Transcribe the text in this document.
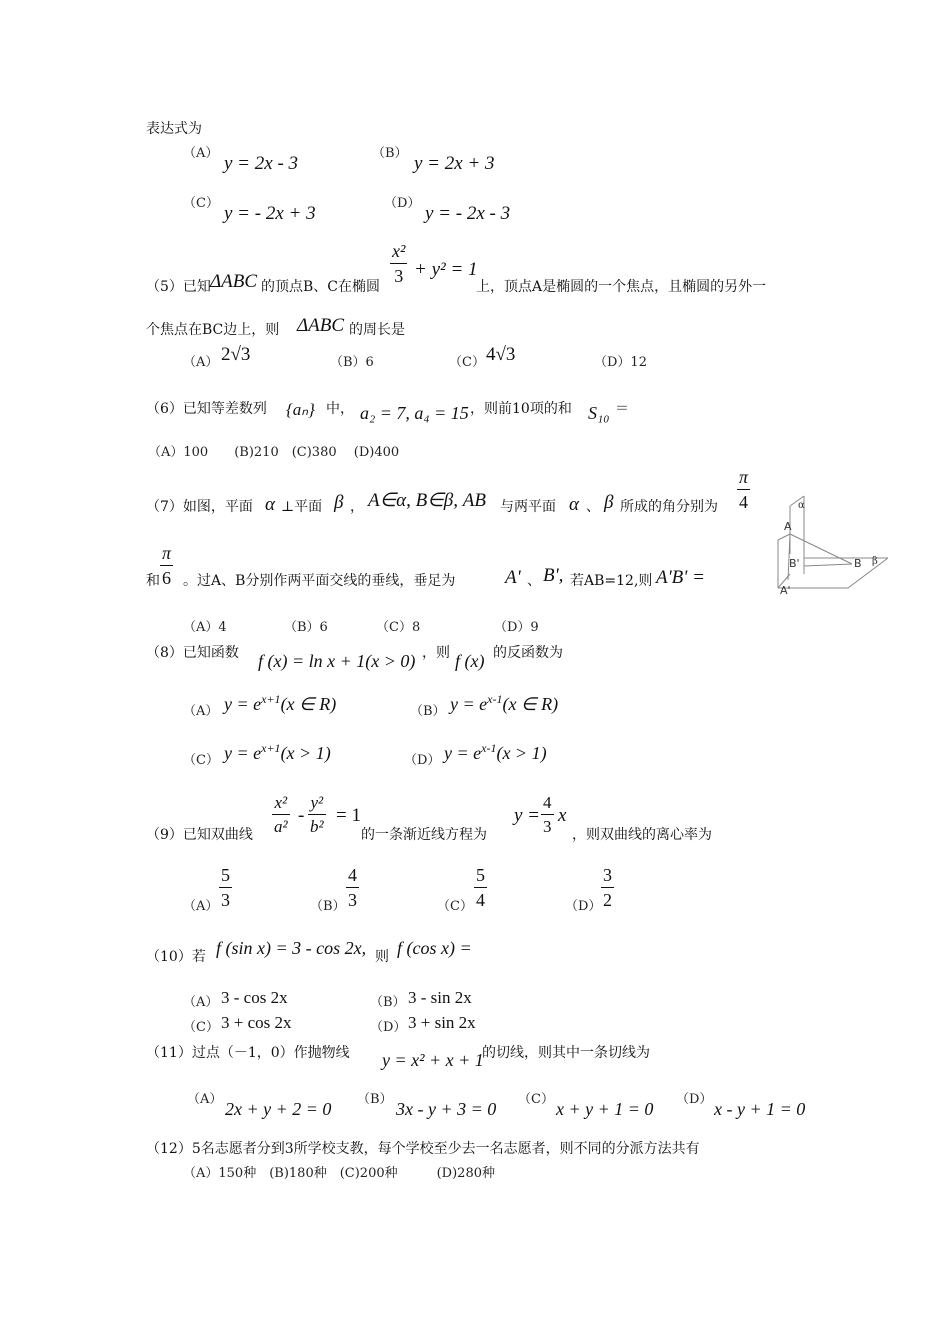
表达式为
（A） y = 2x - 3	（B） y = 2x + 3
（C） y = - 2x + 3	（D） y = - 2x - 3
（5）已知 ΔABC 的顶点B、C在椭圆
$\frac{\text{x²}}{3} + y^2 = 1$
上，顶点A是椭圆的一个焦点，且椭圆的另外一
个焦点在BC边上，则 ΔABC 的周长是
（A） 2√3	（B）6	（C） 4√3	（D）12
（6）已知等差数列 {aₙ} 中， a₂ = 7, a₄ = 15 ，则前10项的和 S₁₀ ＝
（A）100　　(B)210　(C)380　 (D)400
（7）如图，平面 α ⊥平面 β ， A∈α, B∈β, AB 与两平面 α 、 β 所成的角分别为 $\frac{\pi}{4}$
和 $\frac{\pi}{6}$ 。过A、B分别作两平面交线的垂线，垂足为	A' 、 B', 若AB=12,则 A'B' =
α
A
B'	B β
A'
（A）4	（B）6	（C）8	（D）9
（8）已知函数 f (x) = ln x + 1(x > 0) ，则 f (x) 的反函数为
（A） $y = e^{x+1}(x$ ∈ R)	（B） $y = e^{x-1}(x$ ∈ R)
（C） $y = e^{x+1}(x > 1)$	（D） $y = e^{x-1}(x > 1)$
（9）已知双曲线 $\frac{\text{x²}}{\text{a²}} - \frac{\text{y²}}{\text{b²}} = 1$
的一条渐近线方程为
$y = \frac{4}{3}$ x
，则双曲线的离心率为
$(A) \frac{5}{3}$	$(B) \frac{4}{3}$	$(C) \frac{5}{4}$	$(D) \frac{3}{2}$
（10）若 f (sin x) = 3 - cos 2x, 则 f (cos x) =
（A） 3 - cos 2x	（B） 3 - sin 2x
（C） 3 + cos 2x	（D） 3 + sin 2x
（11）过点（－1，0）作抛物线 y = x² + x + 1
的切线，则其中一条切线为
（A） 2x + y + 2 = 0 （B） 3x - y + 3 = 0 （C） x + y + 1 = 0 （D） x - y + 1 = 0
（12）5名志愿者分到3所学校支教，每个学校至少去一名志愿者，则不同的分派方法共有
（A）150种　(B)180种　(C)200种　　　(D)280种
